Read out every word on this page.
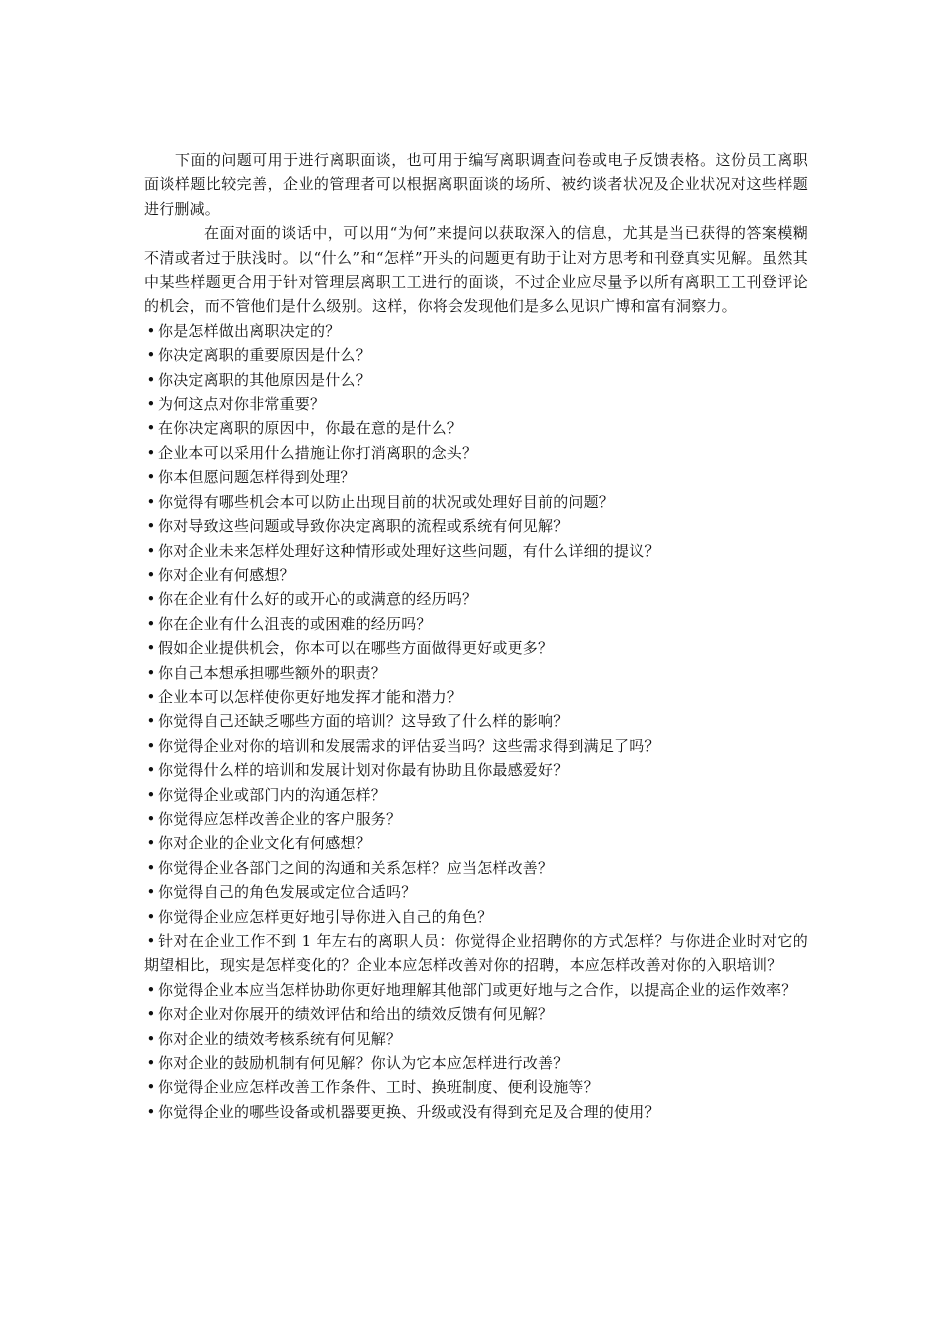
下面的问题可用于进行离职面谈，也可用于编写离职调查问卷或电子反馈表格。这份员工离职面谈样题比较完善，企业的管理者可以根据离职面谈的场所、被约谈者状况及企业状况对这些样题进行删减。

在面对面的谈话中，可以用“为何”来提问以获取深入的信息，尤其是当已获得的答案模糊不清或者过于肤浅时。以“什么”和“怎样”开头的问题更有助于让对方思考和刊登真实见解。虽然其中某些样题更合用于针对管理层离职工工进行的面谈，不过企业应尽量予以所有离职工工刊登评论的机会，而不管他们是什么级别。这样，你将会发现他们是多么见识广博和富有洞察力。

• 你是怎样做出离职决定的？
• 你决定离职的重要原因是什么？
• 你决定离职的其他原因是什么？
• 为何这点对你非常重要？
• 在你决定离职的原因中，你最在意的是什么？
• 企业本可以采用什么措施让你打消离职的念头？
• 你本但愿问题怎样得到处理？
• 你觉得有哪些机会本可以防止出现目前的状况或处理好目前的问题？
• 你对导致这些问题或导致你决定离职的流程或系统有何见解？
• 你对企业未来怎样处理好这种情形或处理好这些问题，有什么详细的提议？
• 你对企业有何感想？
• 你在企业有什么好的或开心的或满意的经历吗？
• 你在企业有什么沮丧的或困难的经历吗？
• 假如企业提供机会，你本可以在哪些方面做得更好或更多？
• 你自己本想承担哪些额外的职责？
• 企业本可以怎样使你更好地发挥才能和潜力？
• 你觉得自己还缺乏哪些方面的培训？这导致了什么样的影响？
• 你觉得企业对你的培训和发展需求的评估妥当吗？这些需求得到满足了吗？
• 你觉得什么样的培训和发展计划对你最有协助且你最感爱好？
• 你觉得企业或部门内的沟通怎样？
• 你觉得应怎样改善企业的客户服务？
• 你对企业的企业文化有何感想？
• 你觉得企业各部门之间的沟通和关系怎样？应当怎样改善？
• 你觉得自己的角色发展或定位合适吗？
• 你觉得企业应怎样更好地引导你进入自己的角色？
• 针对在企业工作不到 1 年左右的离职人员：你觉得企业招聘你的方式怎样？与你进企业时对它的期望相比，现实是怎样变化的？企业本应怎样改善对你的招聘，本应怎样改善对你的入职培训？
• 你觉得企业本应当怎样协助你更好地理解其他部门或更好地与之合作，以提高企业的运作效率？
• 你对企业对你展开的绩效评估和给出的绩效反馈有何见解？
• 你对企业的绩效考核系统有何见解？
• 你对企业的鼓励机制有何见解？你认为它本应怎样进行改善？
• 你觉得企业应怎样改善工作条件、工时、换班制度、便利设施等？
• 你觉得企业的哪些设备或机器要更换、升级或没有得到充足及合理的使用？
